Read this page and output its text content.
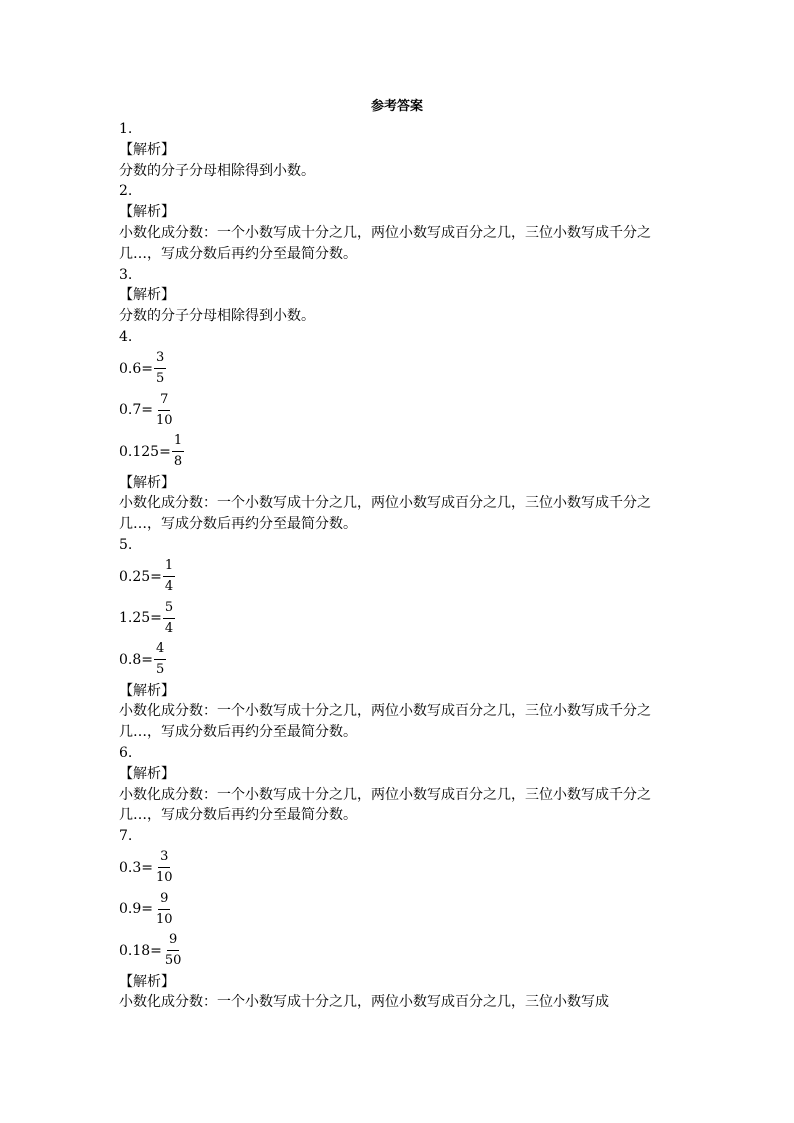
参考答案
1.
【解析】
分数的分子分母相除得到小数。
2.
【解析】
小数化成分数：一个小数写成十分之几，两位小数写成百分之几，三位小数写成千分之几…，写成分数后再约分至最简分数。
3.
【解析】
分数的分子分母相除得到小数。
4.
$0.6= \frac{3}{5}$
$0.7= \frac{7}{10}$
$0.125= \frac{1}{8}$
【解析】
小数化成分数：一个小数写成十分之几，两位小数写成百分之几，三位小数写成千分之几…，写成分数后再约分至最简分数。
5.
$0.25= \frac{1}{4}$
$1.25= \frac{5}{4}$
$0.8= \frac{4}{5}$
【解析】
小数化成分数：一个小数写成十分之几，两位小数写成百分之几，三位小数写成千分之几…，写成分数后再约分至最简分数。
6.
【解析】
小数化成分数：一个小数写成十分之几，两位小数写成百分之几，三位小数写成千分之几…，写成分数后再约分至最简分数。
7.
$0.3= \frac{3}{10}$
$0.9= \frac{9}{10}$
$0.18= \frac{9}{50}$
【解析】
小数化成分数：一个小数写成十分之几，两位小数写成百分之几，三位小数写成
